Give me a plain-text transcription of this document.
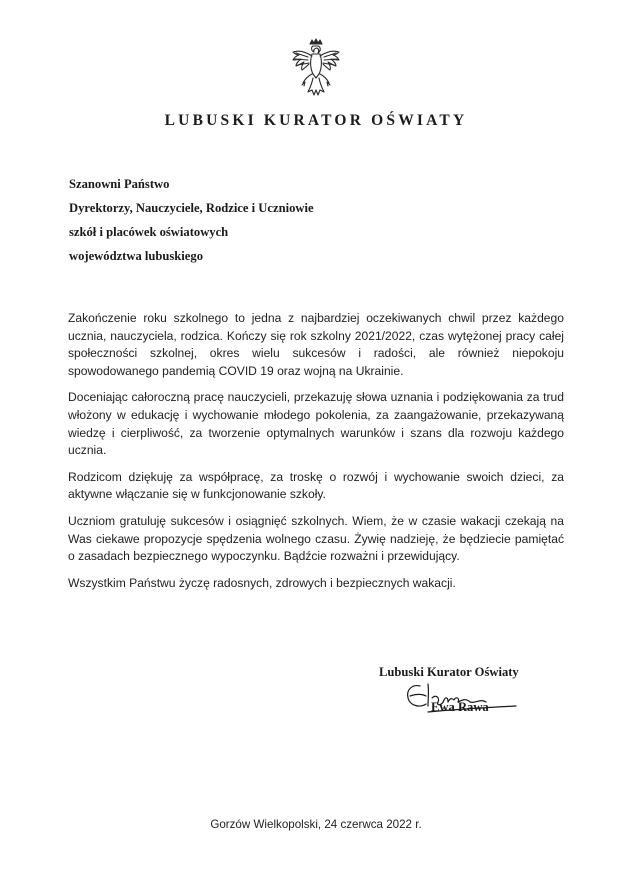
LUBUSKI KURATOR OŚWIATY
Szanowni Państwo
Dyrektorzy, Nauczyciele, Rodzice i Uczniowie
szkół i placówek oświatowych
województwa lubuskiego

Zakończenie roku szkolnego to jedna z najbardziej oczekiwanych chwil przez każdego ucznia, nauczyciela, rodzica. Kończy się rok szkolny 2021/2022, czas wytężonej pracy całej społeczności szkolnej, okres wielu sukcesów i radości, ale również niepokoju spowodowanego pandemią COVID 19 oraz wojną na Ukrainie.

Doceniając całoroczną pracę nauczycieli, przekazuję słowa uznania i podziękowania za trud włożony w edukację i wychowanie młodego pokolenia, za zaangażowanie, przekazywaną wiedzę i cierpliwość, za tworzenie optymalnych warunków i szans dla rozwoju każdego ucznia.

Rodzicom dziękuję za współpracę, za troskę o rozwój i wychowanie swoich dzieci, za aktywne włączanie się w funkcjonowanie szkoły.

Uczniom gratuluję sukcesów i osiągnięć szkolnych. Wiem, że w czasie wakacji czekają na Was ciekawe propozycje spędzenia wolnego czasu. Żywię nadzieję, że będziecie pamiętać o zasadach bezpiecznego wypoczynku. Bądźcie rozważni i przewidujący.

Wszystkim Państwu życzę radosnych, zdrowych i bezpiecznych wakacji.

Lubuski Kurator Oświaty
Ewa Rawa
Gorzów Wielkopolski, 24 czerwca 2022 r.
